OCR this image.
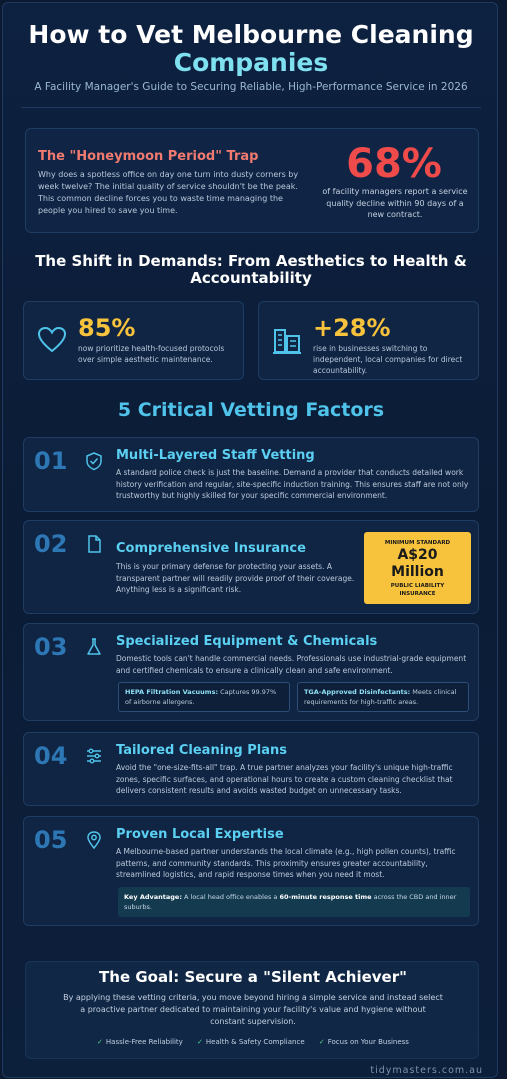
How to Vet Melbourne Cleaning
Companies
A Facility Manager's Guide to Securing Reliable, High-Performance Service in 2026
The "Honeymoon Period" Trap
Why does a spotless office on day one turn into dusty corners by week twelve? The initial quality of service shouldn't be the peak. This common decline forces you to waste time managing the people you hired to save you time.
68%
of facility managers report a service quality decline within 90 days of a new contract.
The Shift in Demands: From Aesthetics to Health & Accountability
85%
now prioritize health-focused protocols over simple aesthetic maintenance.
+28%
rise in businesses switching to independent, local companies for direct accountability.
5 Critical Vetting Factors
01	Multi-Layered Staff Vetting
A standard police check is just the baseline. Demand a provider that conducts detailed work history verification and regular, site-specific induction training. This ensures staff are not only trustworthy but highly skilled for your specific commercial environment.
02	Comprehensive Insurance
This is your primary defense for protecting your assets. A transparent partner will readily provide proof of their coverage. Anything less is a significant risk.
MINIMUM STANDARD
A$20
Million
PUBLIC LIABILITY
INSURANCE
03	Specialized Equipment & Chemicals
Domestic tools can't handle commercial needs. Professionals use industrial-grade equipment and certified chemicals to ensure a clinically clean and safe environment.
HEPA Filtration Vacuums: Captures 99.97% of airborne allergens.
TGA-Approved Disinfectants: Meets clinical requirements for high-traffic areas.
04	Tailored Cleaning Plans
Avoid the "one-size-fits-all" trap. A true partner analyzes your facility's unique high-traffic zones, specific surfaces, and operational hours to create a custom cleaning checklist that delivers consistent results and avoids wasted budget on unnecessary tasks.
05	Proven Local Expertise
A Melbourne-based partner understands the local climate (e.g., high pollen counts), traffic patterns, and community standards. This proximity ensures greater accountability, streamlined logistics, and rapid response times when you need it most.
Key Advantage: A local head office enables a 60-minute response time across the CBD and inner suburbs.
The Goal: Secure a "Silent Achiever"
By applying these vetting criteria, you move beyond hiring a simple service and instead select a proactive partner dedicated to maintaining your facility's value and hygiene without constant supervision.
✓ Hassle-Free Reliability ✓ Health & Safety Compliance ✓ Focus on Your Business
tidymasters.com.au
